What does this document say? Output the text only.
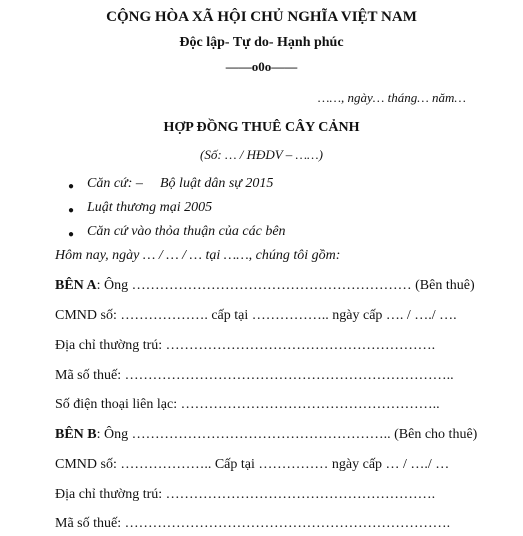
CỘNG HÒA XÃ HỘI CHỦ NGHĨA VIỆT NAM
Độc lập- Tự do- Hạnh phúc
——o0o——
……, ngày… tháng… năm…
HỢP ĐỒNG THUÊ CÂY CẢNH
(Số: … / HĐDV – ……)
● Căn cứ: – Bộ luật dân sự 2015
● Luật thương mại 2005
● Căn cứ vào thỏa thuận của các bên
Hôm nay, ngày … / … / … tại ……, chúng tôi gồm:
BÊN A: Ông …………………………………………………… (Bên thuê)
CMND số: ………………. cấp tại …………….. ngày cấp …. / …./ ….
Địa chỉ thường trú: ………………………………………………….
Mã số thuế: ……………………………………………………………..
Số điện thoại liên lạc: ………………………………………………..
BÊN B: Ông ……………………………………………….. (Bên cho thuê)
CMND số: ……………….. Cấp tại …………… ngày cấp … / …./ …
Địa chỉ thường trú: ………………………………………………….
Mã số thuế: …………………………………………………………….
